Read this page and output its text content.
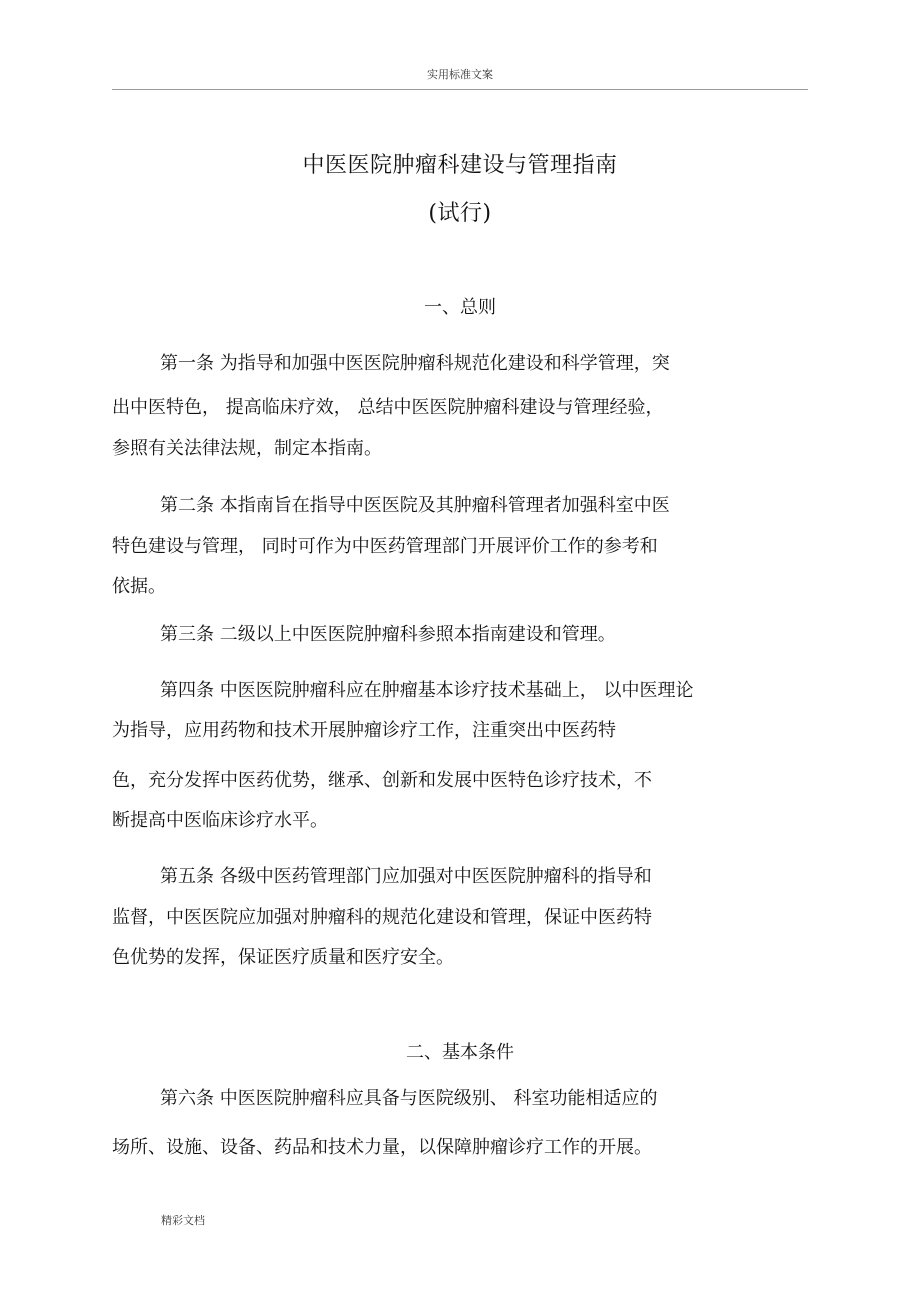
实用标准文案
中医医院肿瘤科建设与管理指南
(试行)
一、总则
第一条 为指导和加强中医医院肿瘤科规范化建设和科学管理，突
出中医特色， 提高临床疗效， 总结中医医院肿瘤科建设与管理经验，
参照有关法律法规，制定本指南。
第二条 本指南旨在指导中医医院及其肿瘤科管理者加强科室中医
特色建设与管理， 同时可作为中医药管理部门开展评价工作的参考和
依据。
第三条 二级以上中医医院肿瘤科参照本指南建设和管理。
第四条 中医医院肿瘤科应在肿瘤基本诊疗技术基础上， 以中医理论
为指导，应用药物和技术开展肿瘤诊疗工作，注重突出中医药特
色，充分发挥中医药优势，继承、创新和发展中医特色诊疗技术，不
断提高中医临床诊疗水平。
第五条 各级中医药管理部门应加强对中医医院肿瘤科的指导和
监督，中医医院应加强对肿瘤科的规范化建设和管理，保证中医药特
色优势的发挥，保证医疗质量和医疗安全。
二、基本条件
第六条 中医医院肿瘤科应具备与医院级别、 科室功能相适应的
场所、设施、设备、药品和技术力量，以保障肿瘤诊疗工作的开展。
精彩文档
